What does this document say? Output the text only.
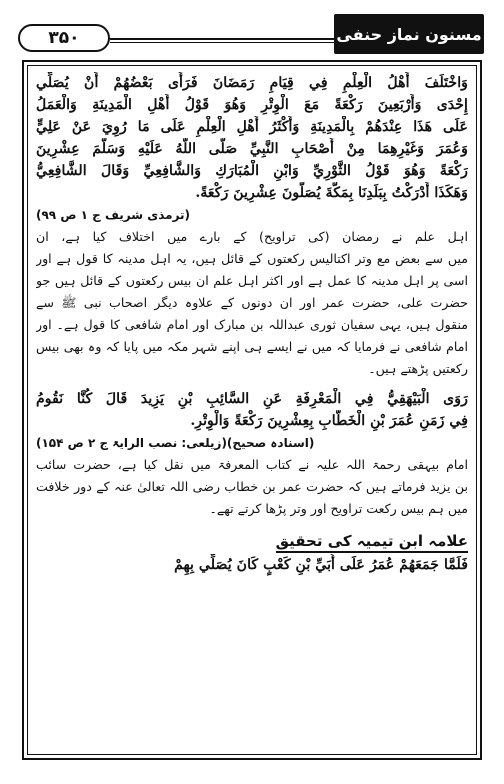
۳۵۰	مسنون نماز حنفی
وَاخْتَلَفَ أَهْلُ الْعِلْمِ فِي قِيَامِ رَمَضَانَ فَرَأَى بَعْضُهُمْ أَنْ يُصَلِّي
إِحْدَى وَأَرْبَعِينَ رَكْعَةً مَعَ الْوِتْرِ وَهُوَ قَوْلُ أَهْلِ الْمَدِينَةِ وَالْعَمَلُ
عَلَى هَذَا عِنْدَهُمْ بِالْمَدِينَةِ وَأَكْثَرُ أَهْلِ الْعِلْمِ عَلَى مَا رُوِيَ عَنْ عَلِيٍّ
وَعُمَرَ وَغَيْرِهِمَا مِنْ أَصْحَابِ النَّبِيِّ صَلَّى اللَّهُ عَلَيْهِ وَسَلَّمَ عِشْرِينَ
رَكْعَةً وَهُوَ قَوْلُ الثَّوْرِيِّ وَابْنِ الْمُبَارَكِ وَالشَّافِعِيِّ وَقَالَ الشَّافِعِيُّ
وَهَكَذَا أَدْرَكْتُ بِبَلَدِنَا بِمَكَّةَ يُصَلُّونَ عِشْرِينَ رَكْعَةً.
(ترمذی شریف ج ۱ ص ۹۹)
اہل علم نے رمضان (کی تراویح) کے بارے میں اختلاف کیا ہے، ان
میں سے بعض مع وتر اکتالیس رکعتوں کے قائل ہیں، یہ اہل مدینہ کا قول ہے اور
اسی پر اہل مدینہ کا عمل ہے اور اکثر اہل علم ان بیس رکعتوں کے قائل ہیں جو
حضرت علی، حضرت عمر اور ان دونوں کے علاوہ دیگر اصحاب نبی ﷺ سے
منقول ہیں، یہی سفیان ثوری عبداللہ بن مبارک اور امام شافعی کا قول ہے۔ اور
امام شافعی نے فرمایا کہ میں نے ایسے ہی اپنے شہر مکہ میں پایا کہ وہ بھی بیس
رکعتیں پڑھتے ہیں۔
رَوَى الْبَيْهَقِيُّ فِي الْمَعْرِفَةِ عَنِ السَّائِبِ بْنِ يَزِيدَ قَالَ كُنَّا نَقُومُ
فِي زَمَنِ عُمَرَ بْنِ الْخَطَّابِ بِعِشْرِينَ رَكْعَةً وَالْوِتْرِ.
(اسنادہ صحیح)(زیلعی: نصب الرایۃ ج ۲ ص ۱۵۴)
امام بیہقی رحمۃ اللہ علیہ نے کتاب المعرفۃ میں نقل کیا ہے، حضرت سائب
بن یزید فرماتے ہیں کہ حضرت عمر بن خطاب رضی اللہ تعالیٰ عنہ کے دور خلافت
میں ہم بیس رکعت تراویح اور وتر پڑھا کرتے تھے۔
علامہ ابن تیمیہ کی تحقیق
فَلَمَّا جَمَعَهُمْ عُمَرُ عَلَى أُبَيِّ بْنِ كَعْبٍ كَانَ يُصَلِّي بِهِمْ
